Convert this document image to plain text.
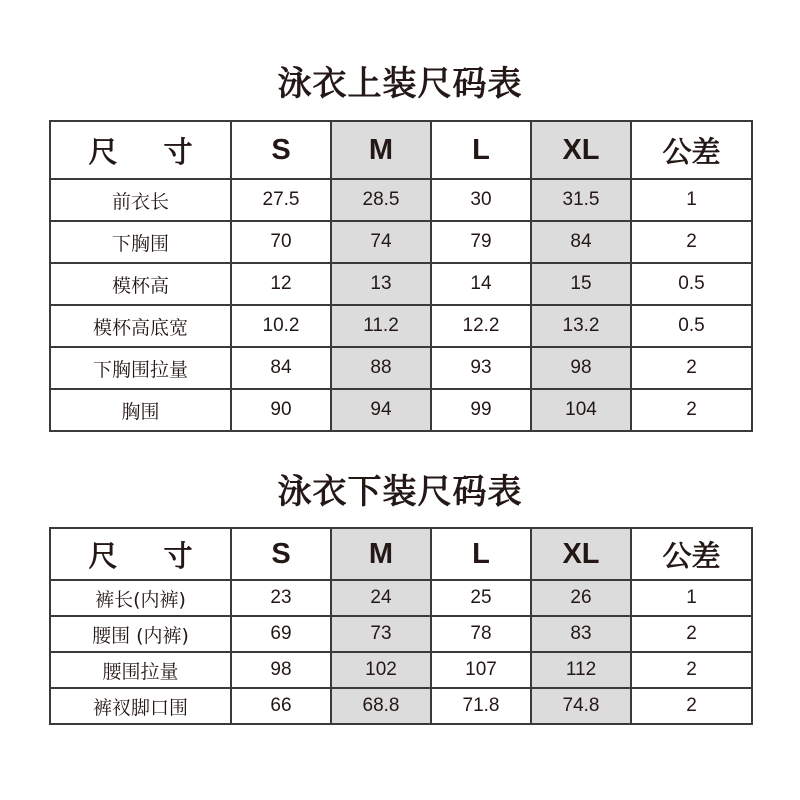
泳衣上装尺码表
尺 寸	S	M	L	XL	公差
前衣长	27.5	28.5	30	31.5	1
下胸围	70	74	79	84	2
模杯高	12	13	14	15	0.5
模杯高底宽	10.2	11.2	12.2	13.2	0.5
下胸围拉量	84	88	93	98	2
胸围	90	94	99	104	2
泳衣下装尺码表
尺 寸	S	M	L	XL	公差
裤长(内裤)	23	24	25	26	1
腰围 (内裤)	69	73	78	83	2
腰围拉量	98	102	107	112	2
裤衩脚口围	66	68.8	71.8	74.8	2
